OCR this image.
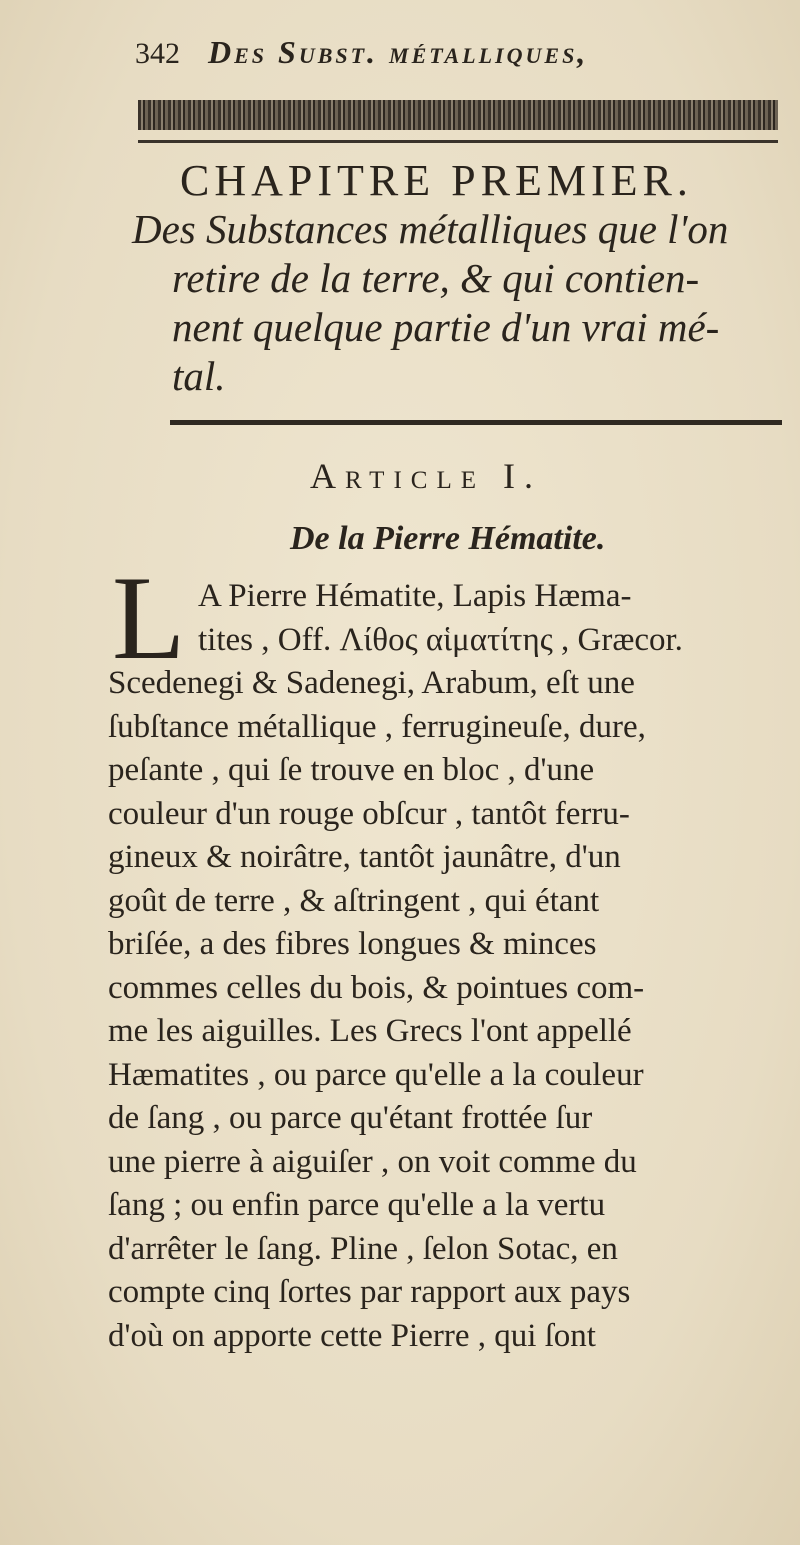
342 Des Subst. métalliques,
CHAPITRE PREMIER.
Des Substances métalliques que l'on
retire de la terre, & qui contien-
nent quelque partie d'un vrai mé-
tal.
Article I.
De la Pierre Hématite.
L A Pierre Hématite, Lapis Hæma-
tites , Off. Λίθος αἱματίτης , Græcor.
Scedenegi & Sadenegi, Arabum, eſt une
ſubſtance métallique , ferrugineuſe, dure,
peſante , qui ſe trouve en bloc , d'une
couleur d'un rouge obſcur , tantôt ferru-
gineux & noirâtre, tantôt jaunâtre, d'un
goût de terre , & aſtringent , qui étant
briſée, a des fibres longues & minces
commes celles du bois, & pointues com-
me les aiguilles. Les Grecs l'ont appellé
Hæmatites , ou parce qu'elle a la couleur
de ſang , ou parce qu'étant frottée ſur
une pierre à aiguiſer , on voit comme du
ſang ; ou enfin parce qu'elle a la vertu
d'arrêter le ſang. Pline , ſelon Sotac, en
compte cinq ſortes par rapport aux pays
d'où on apporte cette Pierre , qui ſont
